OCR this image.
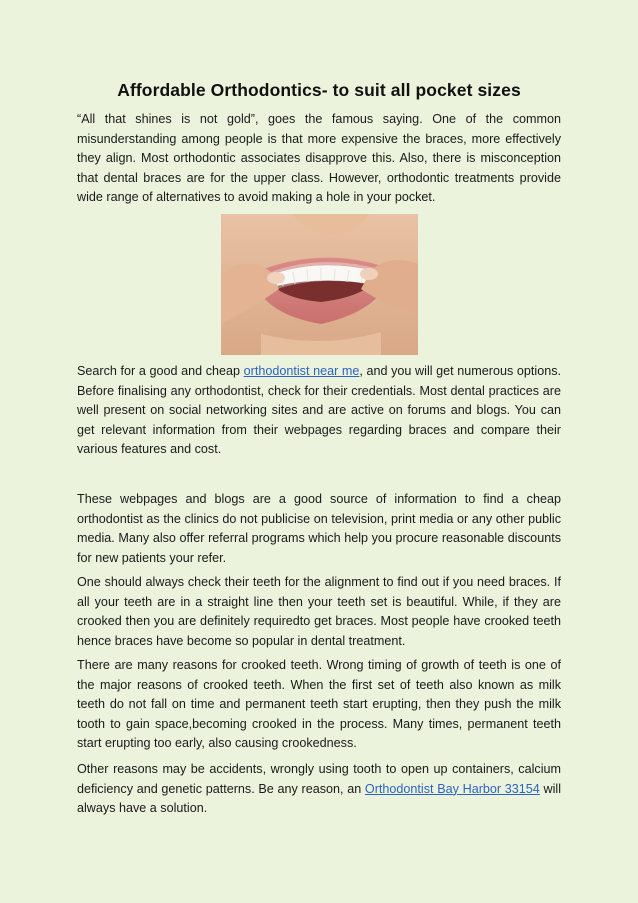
Affordable Orthodontics- to suit all pocket sizes
“All that shines is not gold”, goes the famous saying. One of the common misunderstanding among people is that more expensive the braces, more effectively they align. Most orthodontic associates disapprove this. Also, there is misconception that dental braces are for the upper class. However, orthodontic treatments provide wide range of alternatives to avoid making a hole in your pocket.
Search for a good and cheap orthodontist near me, and you will get numerous options. Before finalising any orthodontist, check for their credentials. Most dental practices are well present on social networking sites and are active on forums and blogs. You can get relevant information from their webpages regarding braces and compare their various features and cost.
These webpages and blogs are a good source of information to find a cheap orthodontist as the clinics do not publicise on television, print media or any other public media. Many also offer referral programs which help you procure reasonable discounts for new patients your refer.
One should always check their teeth for the alignment to find out if you need braces. If all your teeth are in a straight line then your teeth set is beautiful. While, if they are crooked then you are definitely requiredto get braces. Most people have crooked teeth hence braces have become so popular in dental treatment.
There are many reasons for crooked teeth. Wrong timing of growth of teeth is one of the major reasons of crooked teeth. When the first set of teeth also known as milk teeth do not fall on time and permanent teeth start erupting, then they push the milk tooth to gain space,becoming crooked in the process. Many times, permanent teeth start erupting too early, also causing crookedness.
Other reasons may be accidents, wrongly using tooth to open up containers, calcium deficiency and genetic patterns. Be any reason, an Orthodontist Bay Harbor 33154 will always have a solution.
